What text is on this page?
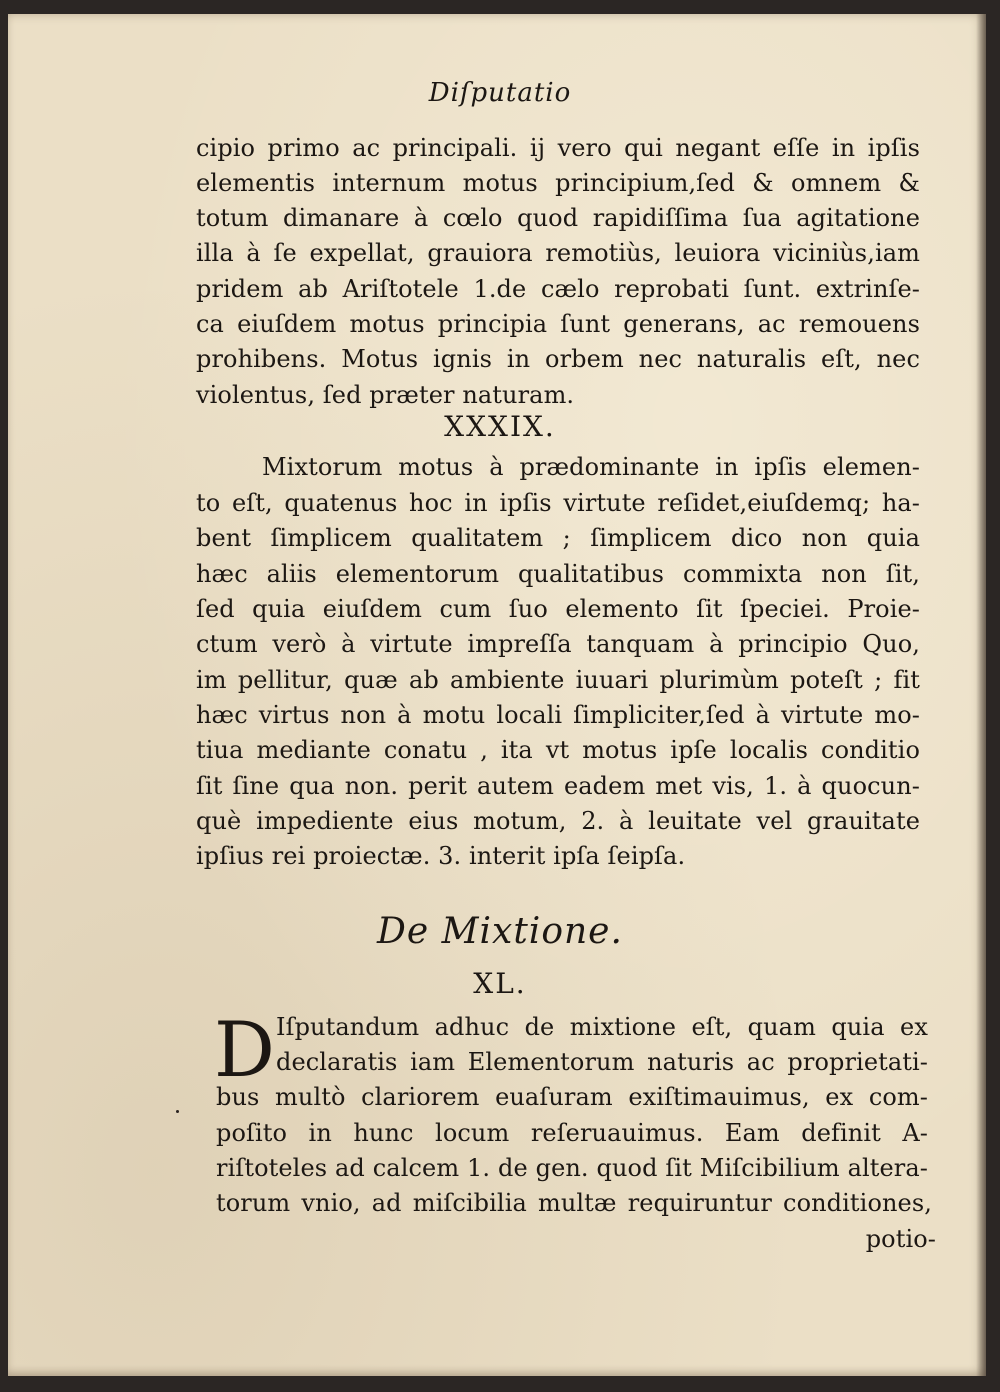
Diſputatio
cipio primo ac principali. ij vero qui negant eſſe in ipſis
elementis internum motus principium,ſed & omnem &
totum dimanare à cœlo quod rapidiſſima ſua agitatione
illa à ſe expellat, grauiora remotiùs, leuiora viciniùs,iam
pridem ab Ariſtotele 1.de cælo reprobati ſunt. extrinſe-
ca eiuſdem motus principia ſunt generans, ac remouens
prohibens. Motus ignis in orbem nec naturalis eſt, nec
violentus, ſed præter naturam.
XXXIX.
Mixtorum motus à prædominante in ipſis elemen-
to eſt, quatenus hoc in ipſis virtute reſidet,eiuſdemq; ha-
bent ſimplicem qualitatem ; ſimplicem dico non quia
hæc aliis elementorum qualitatibus commixta non ſit,
ſed quia eiuſdem cum ſuo elemento ſit ſpeciei. Proie-
ctum verò à virtute impreſſa tanquam à principio Quo,
im pellitur, quæ ab ambiente iuuari plurimùm poteſt ; fit
hæc virtus non à motu locali ſimpliciter,ſed à virtute mo-
tiua mediante conatu , ita vt motus ipſe localis conditio
ſit ſine qua non. perit autem eadem met vis, 1. à quocun-
què impediente eius motum, 2. à leuitate vel grauitate
ipſius rei proiectæ. 3. interit ipſa ſeipſa.
De Mixtione.
XL.
D Iſputandum adhuc de mixtione eſt, quam quia ex
declaratis iam Elementorum naturis ac proprietati-
bus multò clariorem euaſuram exiſtimauimus, ex com-
poſito in hunc locum reſeruauimus. Eam definit A-
riſtoteles ad calcem 1. de gen. quod ſit Miſcibilium altera-
torum vnio, ad miſcibilia multæ requiruntur conditiones,
potio-
